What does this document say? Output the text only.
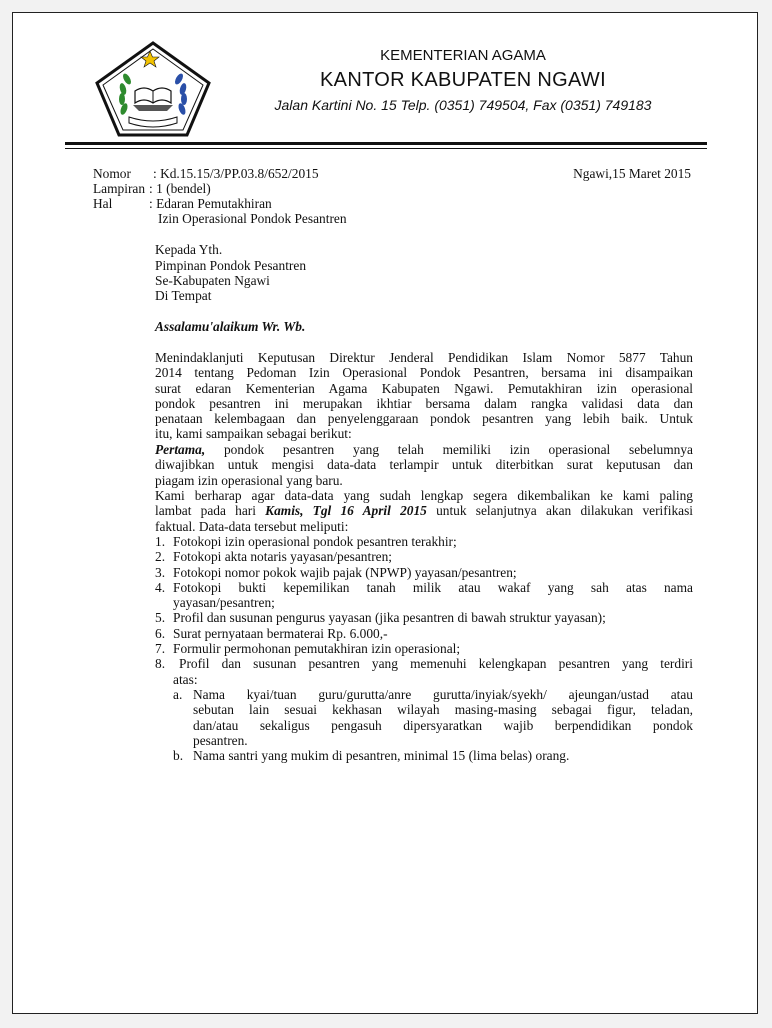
KEMENTERIAN AGAMA
KANTOR KABUPATEN NGAWI
Jalan Kartini No. 15 Telp. (0351) 749504, Fax (0351) 749183
Nomor : Kd.15.15/3/PP.03.8/652/2015	Ngawi,15 Maret 2015
Lampiran : 1 (bendel)
Hal	: Edaran Pemutakhiran
Izin Operasional Pondok Pesantren
Kepada Yth.
Pimpinan Pondok Pesantren
Se-Kabupaten Ngawi
Di Tempat
Assalamu'alaikum Wr. Wb.
Menindaklanjuti Keputusan Direktur Jenderal Pendidikan Islam Nomor 5877 Tahun
2014 tentang Pedoman Izin Operasional Pondok Pesantren, bersama ini disampaikan
surat edaran Kementerian Agama Kabupaten Ngawi. Pemutakhiran izin operasional
pondok pesantren ini merupakan ikhtiar bersama dalam rangka validasi data dan
penataan kelembagaan dan penyelenggaraan pondok pesantren yang lebih baik. Untuk
itu, kami sampaikan sebagai berikut:
Pertama, pondok pesantren yang telah memiliki izin operasional sebelumnya
diwajibkan untuk mengisi data-data terlampir untuk diterbitkan surat keputusan dan
piagam izin operasional yang baru.
Kami berharap agar data-data yang sudah lengkap segera dikembalikan ke kami paling
lambat pada hari Kamis, Tgl 16 April 2015 untuk selanjutnya akan dilakukan verifikasi
faktual. Data-data tersebut meliputi:
1. Fotokopi izin operasional pondok pesantren terakhir;
2. Fotokopi akta notaris yayasan/pesantren;
3. Fotokopi nomor pokok wajib pajak (NPWP) yayasan/pesantren;
4. Fotokopi bukti kepemilikan tanah milik atau wakaf yang sah atas nama
yayasan/pesantren;
5. Profil dan susunan pengurus yayasan (jika pesantren di bawah struktur yayasan);
6. Surat pernyataan bermaterai Rp. 6.000,-
7. Formulir permohonan pemutakhiran izin operasional;
8. Profil dan susunan pesantren yang memenuhi kelengkapan pesantren yang terdiri
atas:
a. Nama kyai/tuan guru/gurutta/anre gurutta/inyiak/syekh/ ajeungan/ustad atau
sebutan lain sesuai kekhasan wilayah masing-masing sebagai figur, teladan,
dan/atau sekaligus pengasuh dipersyaratkan wajib berpendidikan pondok
pesantren.
b. Nama santri yang mukim di pesantren, minimal 15 (lima belas) orang.
